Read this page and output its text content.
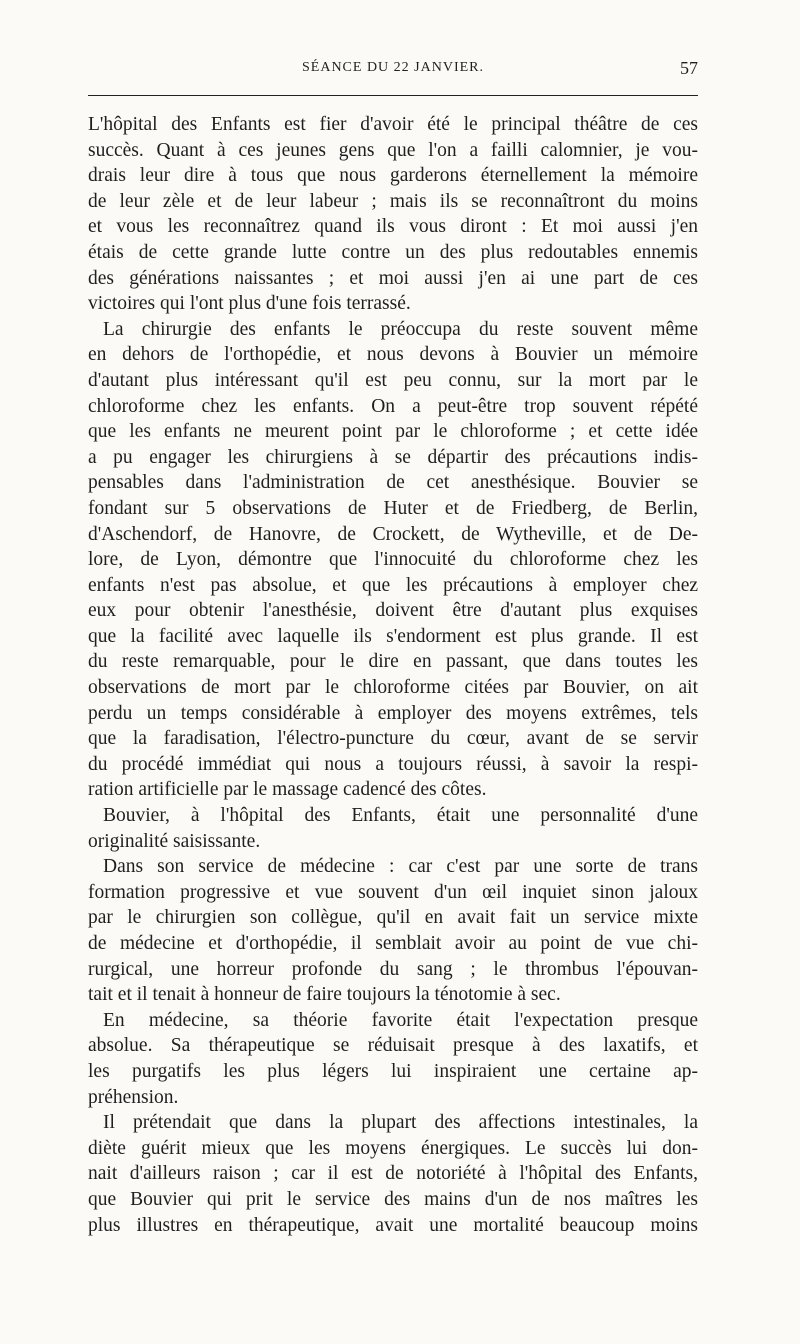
SÉANCE DU 22 JANVIER.	57
L'hôpital des Enfants est fier d'avoir été le principal théâtre de ces
succès. Quant à ces jeunes gens que l'on a failli calomnier, je vou-
drais leur dire à tous que nous garderons éternellement la mémoire
de leur zèle et de leur labeur ; mais ils se reconnaîtront du moins
et vous les reconnaîtrez quand ils vous diront : Et moi aussi j'en
étais de cette grande lutte contre un des plus redoutables ennemis
des générations naissantes ; et moi aussi j'en ai une part de ces
victoires qui l'ont plus d'une fois terrassé.
La chirurgie des enfants le préoccupa du reste souvent même
en dehors de l'orthopédie, et nous devons à Bouvier un mémoire
d'autant plus intéressant qu'il est peu connu, sur la mort par le
chloroforme chez les enfants. On a peut-être trop souvent répété
que les enfants ne meurent point par le chloroforme ; et cette idée
a pu engager les chirurgiens à se départir des précautions indis-
pensables dans l'administration de cet anesthésique. Bouvier se
fondant sur 5 observations de Huter et de Friedberg, de Berlin,
d'Aschendorf, de Hanovre, de Crockett, de Wytheville, et de De-
lore, de Lyon, démontre que l'innocuité du chloroforme chez les
enfants n'est pas absolue, et que les précautions à employer chez
eux pour obtenir l'anesthésie, doivent être d'autant plus exquises
que la facilité avec laquelle ils s'endorment est plus grande. Il est
du reste remarquable, pour le dire en passant, que dans toutes les
observations de mort par le chloroforme citées par Bouvier, on ait
perdu un temps considérable à employer des moyens extrêmes, tels
que la faradisation, l'électro-puncture du cœur, avant de se servir
du procédé immédiat qui nous a toujours réussi, à savoir la respi-
ration artificielle par le massage cadencé des côtes.
Bouvier, à l'hôpital des Enfants, était une personnalité d'une
originalité saisissante.
Dans son service de médecine : car c'est par une sorte de trans
formation progressive et vue souvent d'un œil inquiet sinon jaloux
par le chirurgien son collègue, qu'il en avait fait un service mixte
de médecine et d'orthopédie, il semblait avoir au point de vue chi-
rurgical, une horreur profonde du sang ; le thrombus l'épouvan-
tait et il tenait à honneur de faire toujours la ténotomie à sec.
En médecine, sa théorie favorite était l'expectation presque
absolue. Sa thérapeutique se réduisait presque à des laxatifs, et
les purgatifs les plus légers lui inspiraient une certaine ap-
préhension.
Il prétendait que dans la plupart des affections intestinales, la
diète guérit mieux que les moyens énergiques. Le succès lui don-
nait d'ailleurs raison ; car il est de notoriété à l'hôpital des Enfants,
que Bouvier qui prit le service des mains d'un de nos maîtres les
plus illustres en thérapeutique, avait une mortalité beaucoup moins
